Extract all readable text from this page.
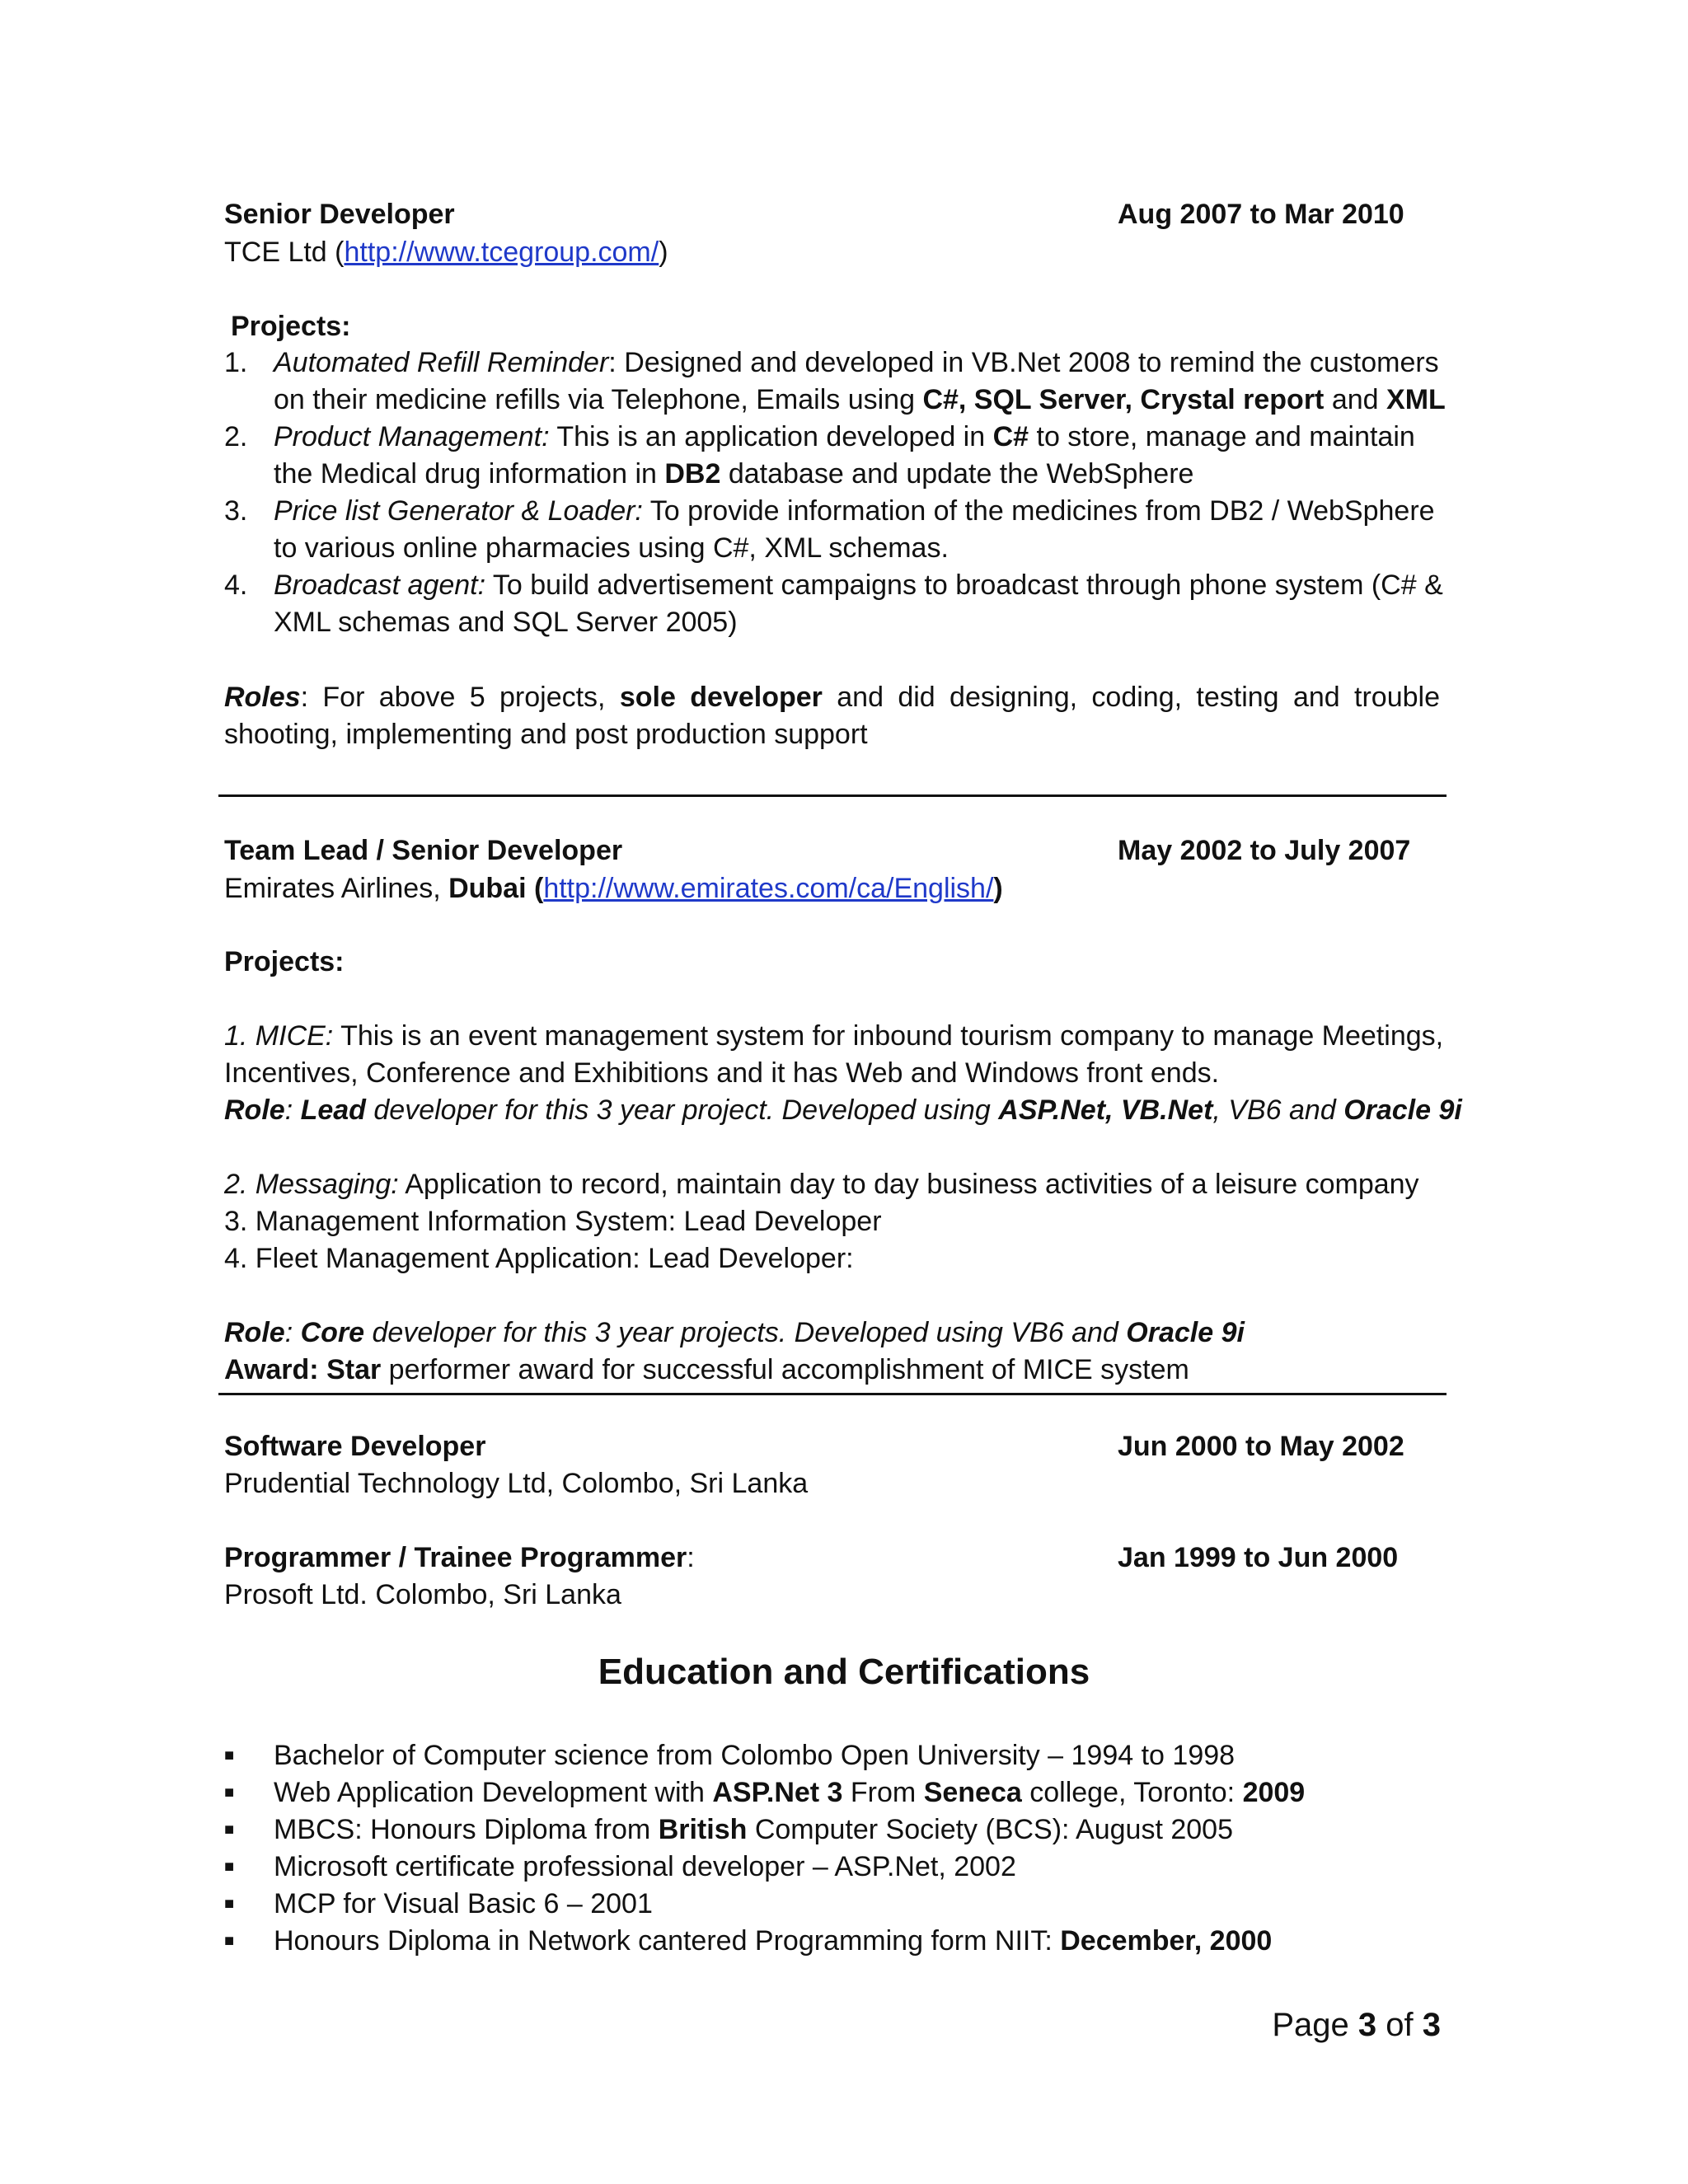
Senior Developer	Aug 2007 to Mar 2010
TCE Ltd (http://www.tcegroup.com/)
Projects:
1. Automated Refill Reminder: Designed and developed in VB.Net 2008 to remind the customers
on their medicine refills via Telephone, Emails using C#, SQL Server, Crystal report and XML
2. Product Management: This is an application developed in C# to store, manage and maintain
the Medical drug information in DB2 database and update the WebSphere
3. Price list Generator & Loader: To provide information of the medicines from DB2 / WebSphere
to various online pharmacies using C#, XML schemas.
4. Broadcast agent: To build advertisement campaigns to broadcast through phone system (C# &
XML schemas and SQL Server 2005)
Roles: For above 5 projects, sole developer and did designing, coding, testing and trouble shooting, implementing and post production support
Team Lead / Senior Developer	May 2002 to July 2007
Emirates Airlines, Dubai (http://www.emirates.com/ca/English/)
Projects:
1. MICE: This is an event management system for inbound tourism company to manage Meetings,
Incentives, Conference and Exhibitions and it has Web and Windows front ends.
Role: Lead developer for this 3 year project. Developed using ASP.Net, VB.Net, VB6 and Oracle 9i
2. Messaging: Application to record, maintain day to day business activities of a leisure company
3. Management Information System: Lead Developer
4. Fleet Management Application: Lead Developer:
Role: Core developer for this 3 year projects. Developed using VB6 and Oracle 9i
Award: Star performer award for successful accomplishment of MICE system
Software Developer	Jun 2000 to May 2002
Prudential Technology Ltd, Colombo, Sri Lanka
Programmer / Trainee Programmer:	Jan 1999 to Jun 2000
Prosoft Ltd. Colombo, Sri Lanka
Education and Certifications
■ Bachelor of Computer science from Colombo Open University – 1994 to 1998
■ Web Application Development with ASP.Net 3 From Seneca college, Toronto: 2009
■ MBCS: Honours Diploma from British Computer Society (BCS): August 2005
■ Microsoft certificate professional developer – ASP.Net, 2002
■ MCP for Visual Basic 6 – 2001
■ Honours Diploma in Network cantered Programming form NIIT: December, 2000
Page 3 of 3
